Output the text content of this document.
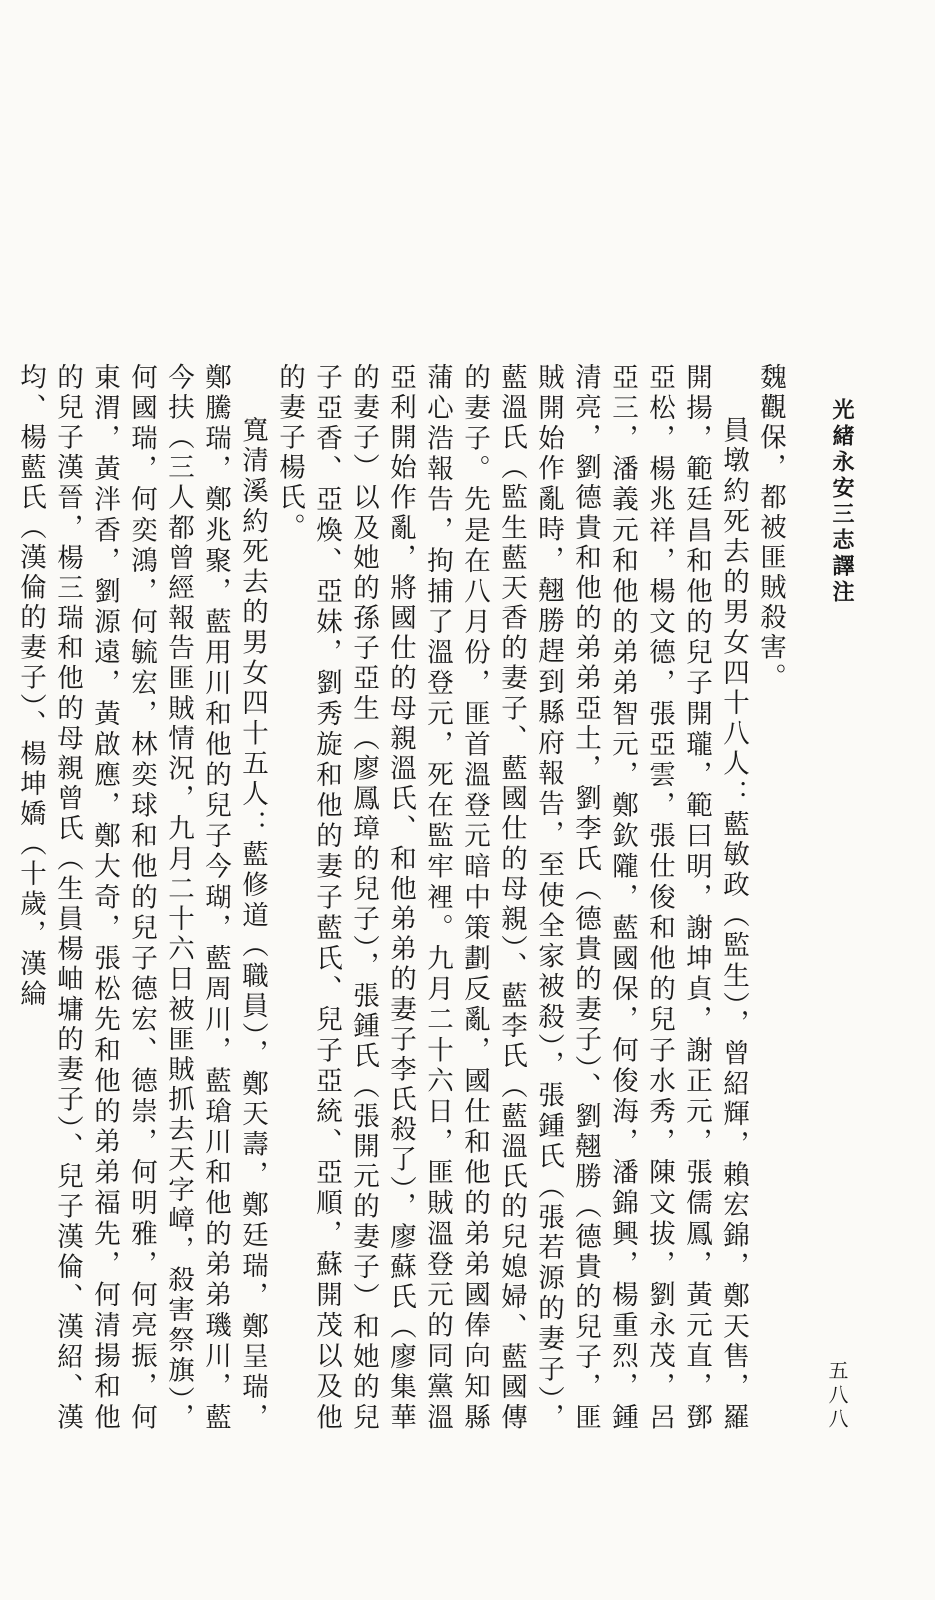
光緒永安三志譯注
五八八

魏觀保，都被匪賊殺害。

員墩約死去的男女四十八人：藍敏政（監生），曾紹輝，賴宏錦，鄭天售，羅開揚，範廷昌和他的兒子開瓏，範曰明，謝坤貞，謝正元，張儒鳳，黃元直，鄧亞松，楊兆祥，楊文德，張亞雲，張仕俊和他的兒子水秀，陳文拔，劉永茂，呂亞三，潘義元和他的弟弟智元，鄭欽隴，藍國保，何俊海，潘錦興，楊重烈，鍾清亮，劉德貴和他的弟弟亞土，劉李氏（德貴的妻子）、劉翹勝（德貴的兒子，匪賊開始作亂時，翹勝趕到縣府報告，至使全家被殺），張鍾氏（張若源的妻子），藍溫氏（監生藍天香的妻子、藍國仕的母親）、藍李氏（藍溫氏的兒媳婦、藍國傳的妻子。先是在八月份，匪首溫登元暗中策劃反亂，國仕和他的弟弟國俸向知縣蒲心浩報告，拘捕了溫登元，死在監牢裡。九月二十六日，匪賊溫登元的同黨溫亞利開始作亂，將國仕的母親溫氏、和他弟弟的妻子李氏殺了），廖蘇氏（廖集華的妻子）以及她的孫子亞生（廖鳳璋的兒子），張鍾氏（張開元的妻子）和她的兒子亞香、亞煥、亞妹，劉秀旋和他的妻子藍氏、兒子亞統、亞順，蘇開茂以及他的妻子楊氏。

寬清溪約死去的男女四十五人：藍修道（職員），鄭天壽，鄭廷瑞，鄭呈瑞，鄭騰瑞，鄭兆聚，藍用川和他的兒子今瑚，藍周川，藍瑲川和他的弟弟璣川，藍今扶（三人都曾經報告匪賊情況，九月二十六日被匪賊抓去天字嶂，殺害祭旗），何國瑞，何奕鴻，何毓宏，林奕球和他的兒子德宏、德崇，何明雅，何亮振，何東渭，黃泮香，劉源遠，黃啟應，鄭大奇，張松先和他的弟弟福先，何清揚和他的兒子漢晉，楊三瑞和他的母親曾氏（生員楊岫墉的妻子）、兒子漢倫、漢紹、漢均、楊藍氏（漢倫的妻子）、楊坤嬌（十歲，漢綸
